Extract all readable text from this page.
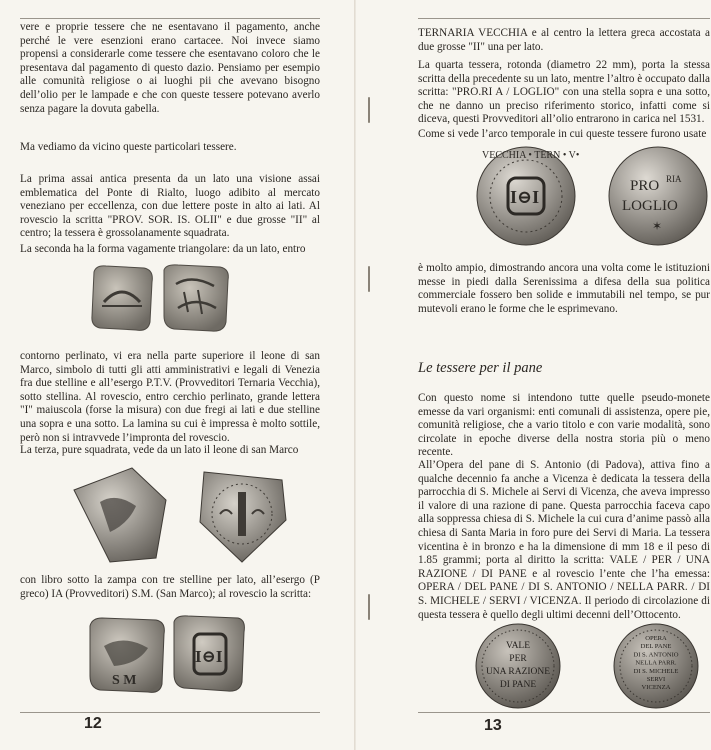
vere e proprie tessere che ne esentavano il pagamento, anche perché le vere esenzioni erano cartacee. Noi invece siamo propensi a considerarle come tessere che esentavano coloro che le presentava dal pagamento di questo dazio. Pensiamo per esempio alle comunità religiose o ai luoghi pii che avevano bisogno dell’olio per le lampade e che con queste tessere potevano averlo senza pagare la dovuta gabella.
Ma vediamo da vicino queste particolari tessere.
La prima assai antica presenta da un lato una visione assai emblematica del Ponte di Rialto, luogo adibito al mercato veneziano per eccellenza, con due lettere poste in alto ai lati. Al rovescio la scritta "PROV. SOR. IS. OLII" e due grosse "II" al centro; la tessera è grossolanamente squadrata.
La seconda ha la forma vagamente triangolare: da un lato, entro
contorno perlinato, vi era nella parte superiore il leone di san Marco, simbolo di tutti gli atti amministrativi e legali di Venezia fra due stelline e all’esergo P.T.V. (Provveditori Ternaria Vecchia), sotto stellina. Al rovescio, entro cerchio perlinato, grande lettera "I" maiuscola (forse la misura) con due fregi ai lati e due stelline una sopra e una sotto. La lamina su cui è impressa è molto sottile, però non si intravvede l’impronta del rovescio.
La terza, pure squadrata, vede da un lato il leone di san Marco
con libro sotto la zampa con tre stelline per lato, all’esergo (P greco) IA (Provveditori) S.M. (San Marco); al rovescio la scritta:
S M
I⊖I
12
TERNARIA VECCHIA e al centro la lettera greca accostata a due grosse "II" una per lato.
La quarta tessera, rotonda (diametro 22 mm), porta la stessa scritta della precedente su un lato, mentre l’altro è occupato dalla scritta: "PRO.RI A / LOGLIO" con una stella sopra e una sotto, che ne danno un preciso riferimento storico, infatti come si diceva, questi Provveditori all’olio entrarono in carica nel 1531.
Come si vede l’arco temporale in cui queste tessere furono usate
VECCHIA • TERN • V•
I⊖I
PRO RIA
LOGLIO
✶
è molto ampio, dimostrando ancora una volta come le istituzioni messe in piedi dalla Serenissima a difesa della sua politica commerciale fossero ben solide e immutabili nel tempo, se pur mutevoli erano le forme che le esprimevano.
Le tessere per il pane
Con questo nome si intendono tutte quelle pseudo-monete emesse da vari organismi: enti comunali di assistenza, opere pie, comunità religiose, che a vario titolo e con varie modalità, sono circolate in epoche diverse della nostra storia più o meno recente.
All’Opera del pane di S. Antonio (di Padova), attiva fino a qualche decennio fa anche a Vicenza è dedicata la tessera della parrocchia di S. Michele ai Servi di Vicenza, che aveva impresso il valore di una razione di pane. Questa parrocchia faceva capo alla soppressa chiesa di S. Michele la cui cura d’anime passò alla chiesa di Santa Maria in foro pure dei Servi di Maria. La tessera vicentina è in bronzo e ha la dimensione di mm 18 e il peso di 1.85 grammi; porta al diritto la scritta: VALE / PER / UNA RAZIONE / DI PANE e al rovescio l’ente che l’ha emessa: OPERA / DEL PANE / DI S. ANTONIO / NELLA PARR. / DI S. MICHELE / SERVI / VICENZA. Il periodo di circolazione di questa tessera è quello degli ultimi decenni dell’Ottocento.
VALE PER UNA RAZIONE DI PANE
OPERA DEL PANE DI S. ANTONIO NELLA PARR. DI S. MICHELE SERVI VICENZA
13
